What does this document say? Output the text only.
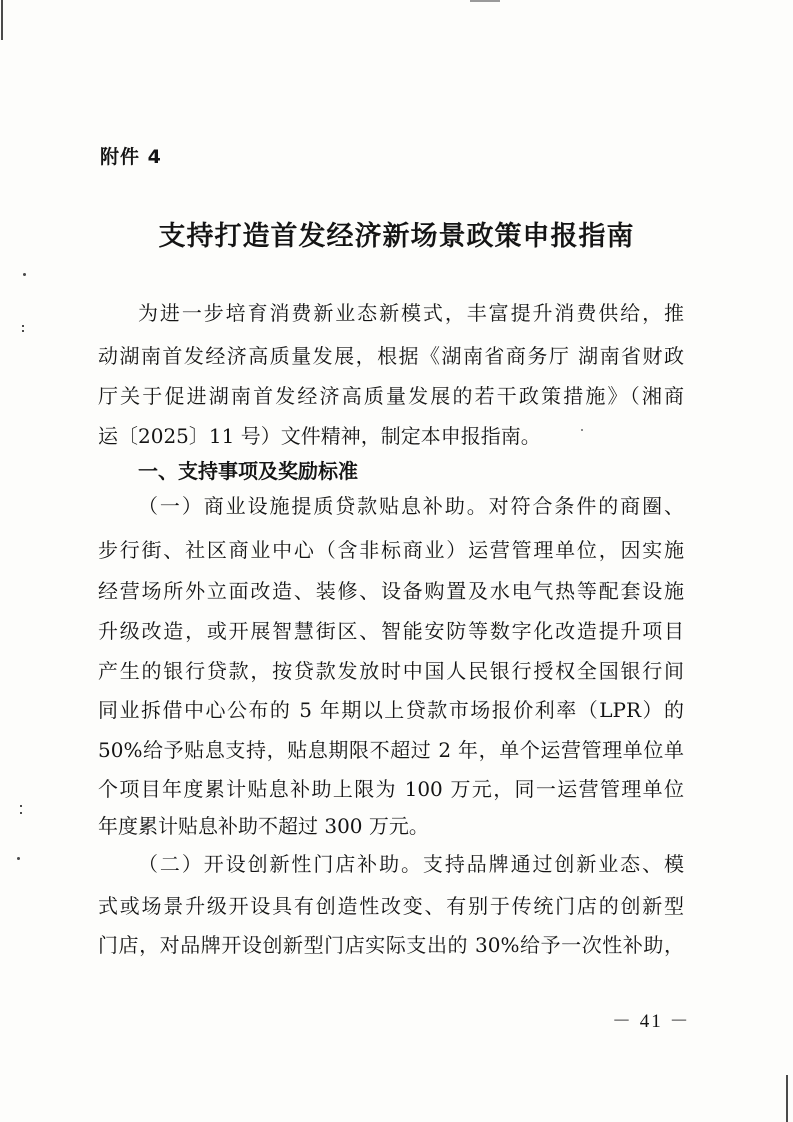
附件 4
支持打造首发经济新场景政策申报指南
为进一步培育消费新业态新模式，丰富提升消费供给，推
动湖南首发经济高质量发展，根据《湖南省商务厅 湖南省财政
厅关于促进湖南首发经济高质量发展的若干政策措施》（湘商
运〔2025〕11 号）文件精神，制定本申报指南。
一、支持事项及奖励标准
（一）商业设施提质贷款贴息补助。对符合条件的商圈、
步行街、社区商业中心（含非标商业）运营管理单位，因实施
经营场所外立面改造、装修、设备购置及水电气热等配套设施
升级改造，或开展智慧街区、智能安防等数字化改造提升项目
产生的银行贷款，按贷款发放时中国人民银行授权全国银行间
同业拆借中心公布的 5 年期以上贷款市场报价利率（LPR）的
50%给予贴息支持，贴息期限不超过 2 年，单个运营管理单位单
个项目年度累计贴息补助上限为 100 万元，同一运营管理单位
年度累计贴息补助不超过 300 万元。
（二）开设创新性门店补助。支持品牌通过创新业态、模
式或场景升级开设具有创造性改变、有别于传统门店的创新型
门店，对品牌开设创新型门店实际支出的 30%给予一次性补助，
－ 41 －
